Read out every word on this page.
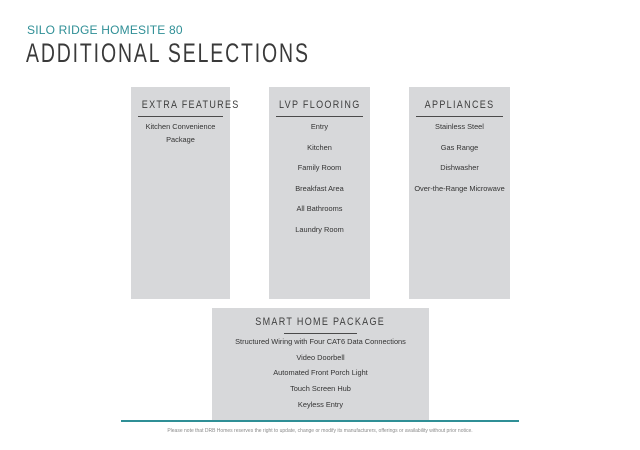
SILO RIDGE HOMESITE 80
ADDITIONAL SELECTIONS
EXTRA FEATURES
Kitchen Convenience
Package
LVP FLOORING
Entry
Kitchen
Family Room
Breakfast Area
All Bathrooms
Laundry Room
APPLIANCES
Stainless Steel
Gas Range
Dishwasher
Over-the-Range Microwave
SMART HOME PACKAGE
Structured Wiring with Four CAT6 Data Connections
Video Doorbell
Automated Front Porch Light
Touch Screen Hub
Keyless Entry
Please note that DRB Homes reserves the right to update, change or modify its manufacturers, offerings or availability without prior notice.
